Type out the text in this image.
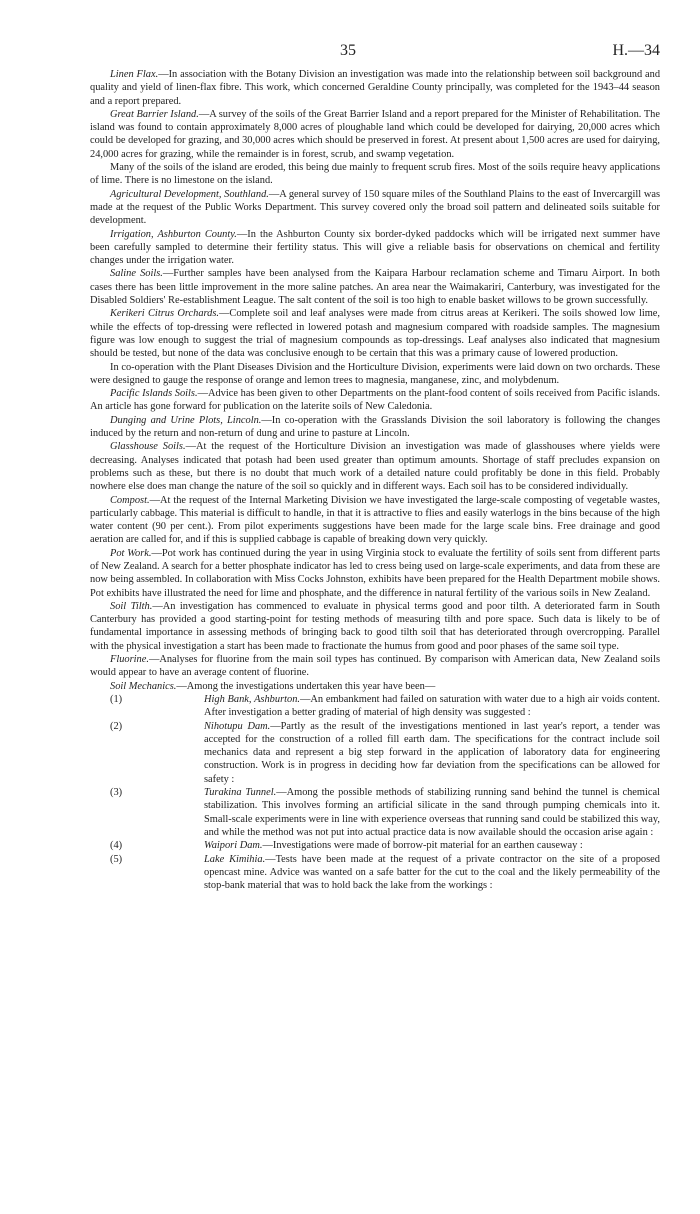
35	H.—34

Linen Flax.—In association with the Botany Division an investigation was made into the relationship between soil background and quality and yield of linen-flax fibre. This work, which concerned Geraldine County principally, was completed for the 1943–44 season and a report prepared.

Great Barrier Island.—A survey of the soils of the Great Barrier Island and a report prepared for the Minister of Rehabilitation. The island was found to contain approximately 8,000 acres of ploughable land which could be developed for dairying, 20,000 acres which could be developed for grazing, and 30,000 acres which should be preserved in forest. At present about 1,500 acres are used for dairying, 24,000 acres for grazing, while the remainder is in forest, scrub, and swamp vegetation.

Many of the soils of the island are eroded, this being due mainly to frequent scrub fires. Most of the soils require heavy applications of lime. There is no limestone on the island.

Agricultural Development, Southland.—A general survey of 150 square miles of the Southland Plains to the east of Invercargill was made at the request of the Public Works Department. This survey covered only the broad soil pattern and delineated soils suitable for development.

Irrigation, Ashburton County.—In the Ashburton County six border-dyked paddocks which will be irrigated next summer have been carefully sampled to determine their fertility status. This will give a reliable basis for observations on chemical and fertility changes under the irrigation water.

Saline Soils.—Further samples have been analysed from the Kaipara Harbour reclamation scheme and Timaru Airport. In both cases there has been little improvement in the more saline patches. An area near the Waimakariri, Canterbury, was investigated for the Disabled Soldiers' Re-establishment League. The salt content of the soil is too high to enable basket willows to be grown successfully.

Kerikeri Citrus Orchards.—Complete soil and leaf analyses were made from citrus areas at Kerikeri. The soils showed low lime, while the effects of top-dressing were reflected in lowered potash and magnesium compared with roadside samples. The magnesium figure was low enough to suggest the trial of magnesium compounds as top-dressings. Leaf analyses also indicated that magnesium should be tested, but none of the data was conclusive enough to be certain that this was a primary cause of lowered production.

In co-operation with the Plant Diseases Division and the Horticulture Division, experiments were laid down on two orchards. These were designed to gauge the response of orange and lemon trees to magnesia, manganese, zinc, and molybdenum.

Pacific Islands Soils.—Advice has been given to other Departments on the plant-food content of soils received from Pacific islands. An article has gone forward for publication on the laterite soils of New Caledonia.

Dunging and Urine Plots, Lincoln.—In co-operation with the Grasslands Division the soil laboratory is following the changes induced by the return and non-return of dung and urine to pasture at Lincoln.

Glasshouse Soils.—At the request of the Horticulture Division an investigation was made of glasshouses where yields were decreasing. Analyses indicated that potash had been used greater than optimum amounts. Shortage of staff precludes expansion on problems such as these, but there is no doubt that much work of a detailed nature could profitably be done in this field. Probably nowhere else does man change the nature of the soil so quickly and in different ways. Each soil has to be considered individually.

Compost.—At the request of the Internal Marketing Division we have investigated the large-scale composting of vegetable wastes, particularly cabbage. This material is difficult to handle, in that it is attractive to flies and easily waterlogs in the bins because of the high water content (90 per cent.). From pilot experiments suggestions have been made for the large scale bins. Free drainage and good aeration are called for, and if this is supplied cabbage is capable of breaking down very quickly.

Pot Work.—Pot work has continued during the year in using Virginia stock to evaluate the fertility of soils sent from different parts of New Zealand. A search for a better phosphate indicator has led to cress being used on large-scale experiments, and data from these are now being assembled. In collaboration with Miss Cocks Johnston, exhibits have been prepared for the Health Department mobile shows. Pot exhibits have illustrated the need for lime and phosphate, and the difference in natural fertility of the various soils in New Zealand.

Soil Tilth.—An investigation has commenced to evaluate in physical terms good and poor tilth. A deteriorated farm in South Canterbury has provided a good starting-point for testing methods of measuring tilth and pore space. Such data is likely to be of fundamental importance in assessing methods of bringing back to good tilth soil that has deteriorated through overcropping. Parallel with the physical investigation a start has been made to fractionate the humus from good and poor phases of the same soil type.

Fluorine.—Analyses for fluorine from the main soil types has continued. By comparison with American data, New Zealand soils would appear to have an average content of fluorine.

Soil Mechanics.—Among the investigations undertaken this year have been—

(1)	High Bank, Ashburton.—An embankment had failed on saturation with water due to a high air voids content. After investigation a better grading of material of high density was suggested :
(2)	Nihotupu Dam.—Partly as the result of the investigations mentioned in last year's report, a tender was accepted for the construction of a rolled fill earth dam. The specifications for the contract include soil mechanics data and represent a big step forward in the application of laboratory data for engineering construction. Work is in progress in deciding how far deviation from the specifications can be allowed for safety :
(3)	Turakina Tunnel.—Among the possible methods of stabilizing running sand behind the tunnel is chemical stabilization. This involves forming an artificial silicate in the sand through pumping chemicals into it. Small-scale experiments were in line with experience overseas that running sand could be stabilized this way, and while the method was not put into actual practice data is now available should the occasion arise again :
(4)	Waipori Dam.—Investigations were made of borrow-pit material for an earthen causeway :
(5)	Lake Kimihia.—Tests have been made at the request of a private contractor on the site of a proposed opencast mine. Advice was wanted on a safe batter for the cut to the coal and the likely permeability of the stop-bank material that was to hold back the lake from the workings :
